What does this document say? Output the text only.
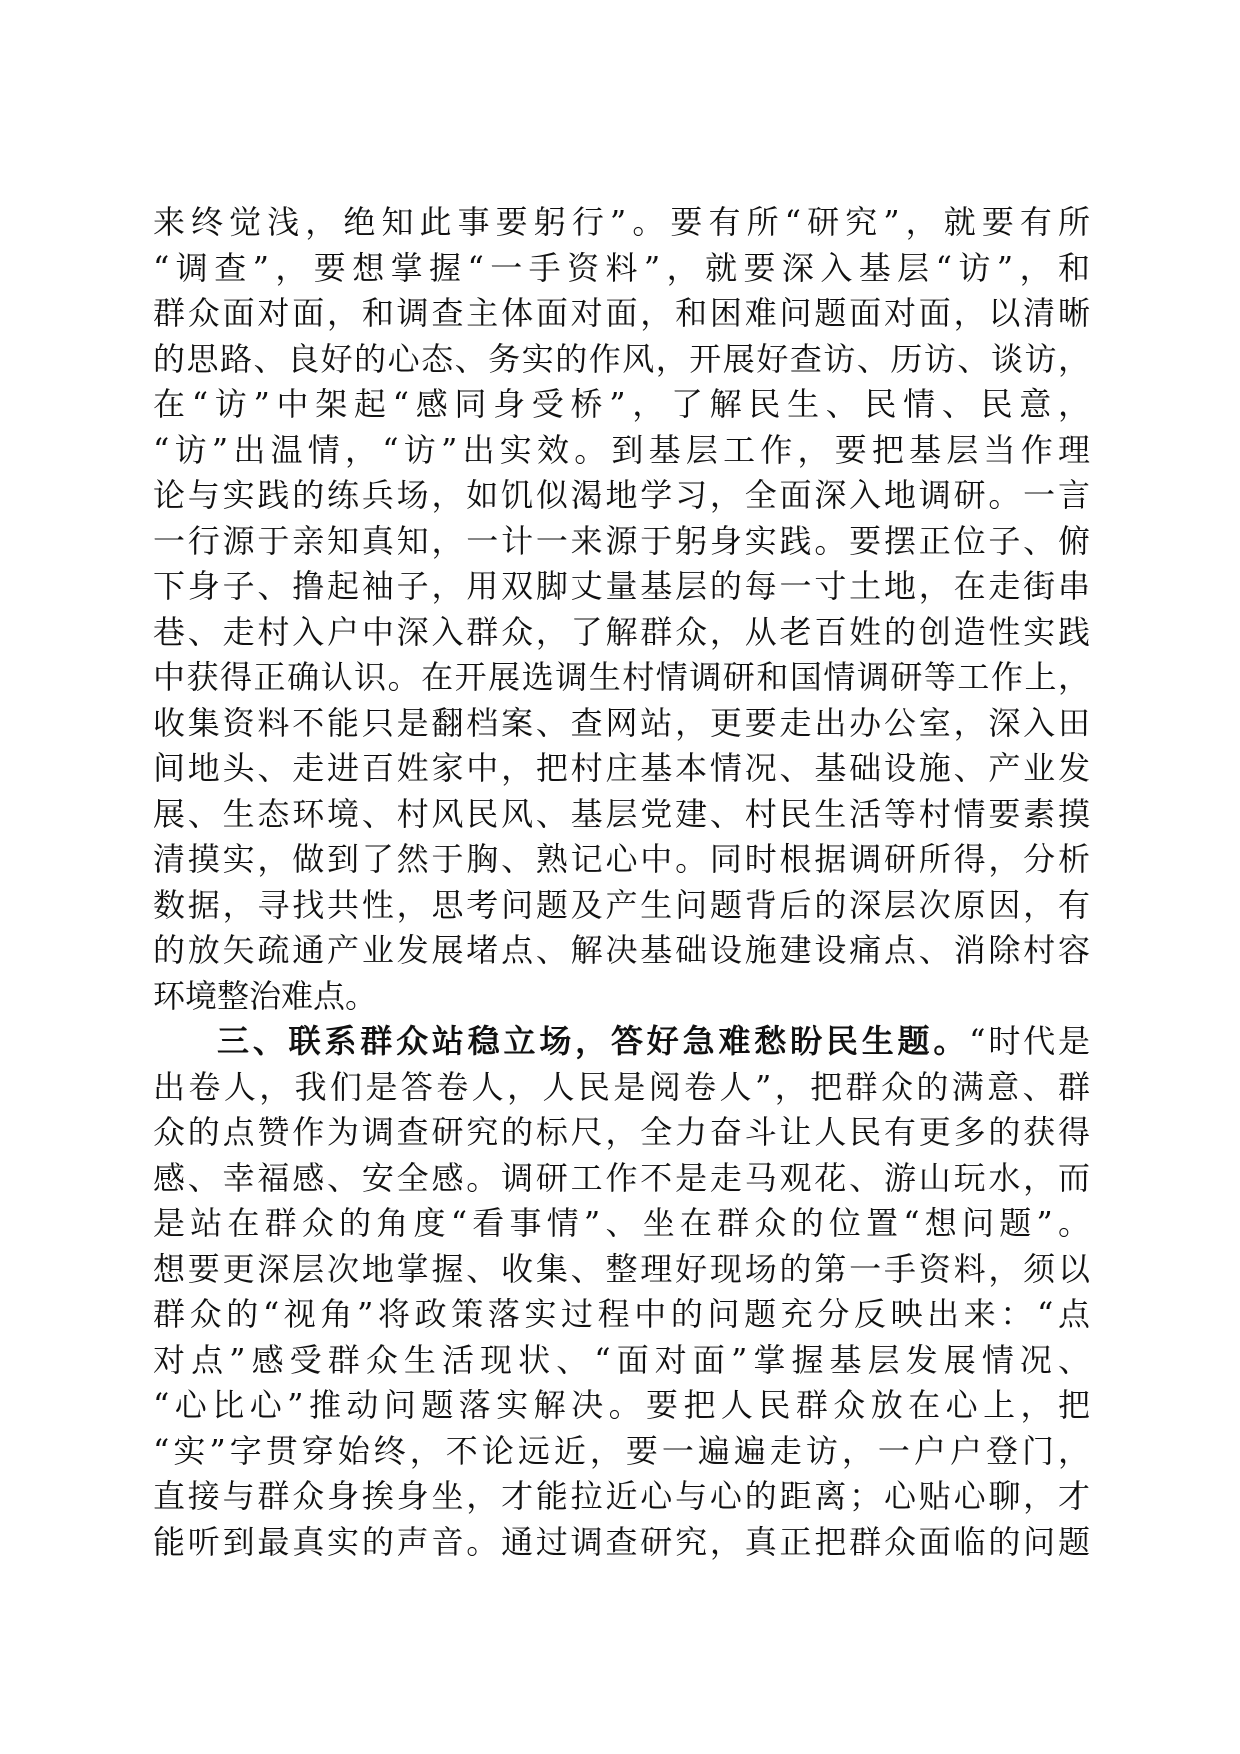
来终觉浅，绝知此事要躬行”。要有所“研究”，就要有所
“调查”，要想掌握“一手资料”，就要深入基层“访”，和
群众面对面，和调查主体面对面，和困难问题面对面，以清晰
的思路、良好的心态、务实的作风，开展好查访、历访、谈访，
在“访”中架起“感同身受桥”，了解民生、民情、民意，
“访”出温情，“访”出实效。到基层工作，要把基层当作理
论与实践的练兵场，如饥似渴地学习，全面深入地调研。一言
一行源于亲知真知，一计一来源于躬身实践。要摆正位子、俯
下身子、撸起袖子，用双脚丈量基层的每一寸土地，在走街串
巷、走村入户中深入群众，了解群众，从老百姓的创造性实践
中获得正确认识。在开展选调生村情调研和国情调研等工作上，
收集资料不能只是翻档案、查网站，更要走出办公室，深入田
间地头、走进百姓家中，把村庄基本情况、基础设施、产业发
展、生态环境、村风民风、基层党建、村民生活等村情要素摸
清摸实，做到了然于胸、熟记心中。同时根据调研所得，分析
数据，寻找共性，思考问题及产生问题背后的深层次原因，有
的放矢疏通产业发展堵点、解决基础设施建设痛点、消除村容
环境整治难点。
三、联系群众站稳立场，答好急难愁盼民生题。“时代是
出卷人，我们是答卷人，人民是阅卷人”，把群众的满意、群
众的点赞作为调查研究的标尺，全力奋斗让人民有更多的获得
感、幸福感、安全感。调研工作不是走马观花、游山玩水，而
是站在群众的角度“看事情”、坐在群众的位置“想问题”。
想要更深层次地掌握、收集、整理好现场的第一手资料，须以
群众的“视角”将政策落实过程中的问题充分反映出来：“点
对点”感受群众生活现状、“面对面”掌握基层发展情况、
“心比心”推动问题落实解决。要把人民群众放在心上，把
“实”字贯穿始终，不论远近，要一遍遍走访，一户户登门，
直接与群众身挨身坐，才能拉近心与心的距离；心贴心聊，才
能听到最真实的声音。通过调查研究，真正把群众面临的问题
